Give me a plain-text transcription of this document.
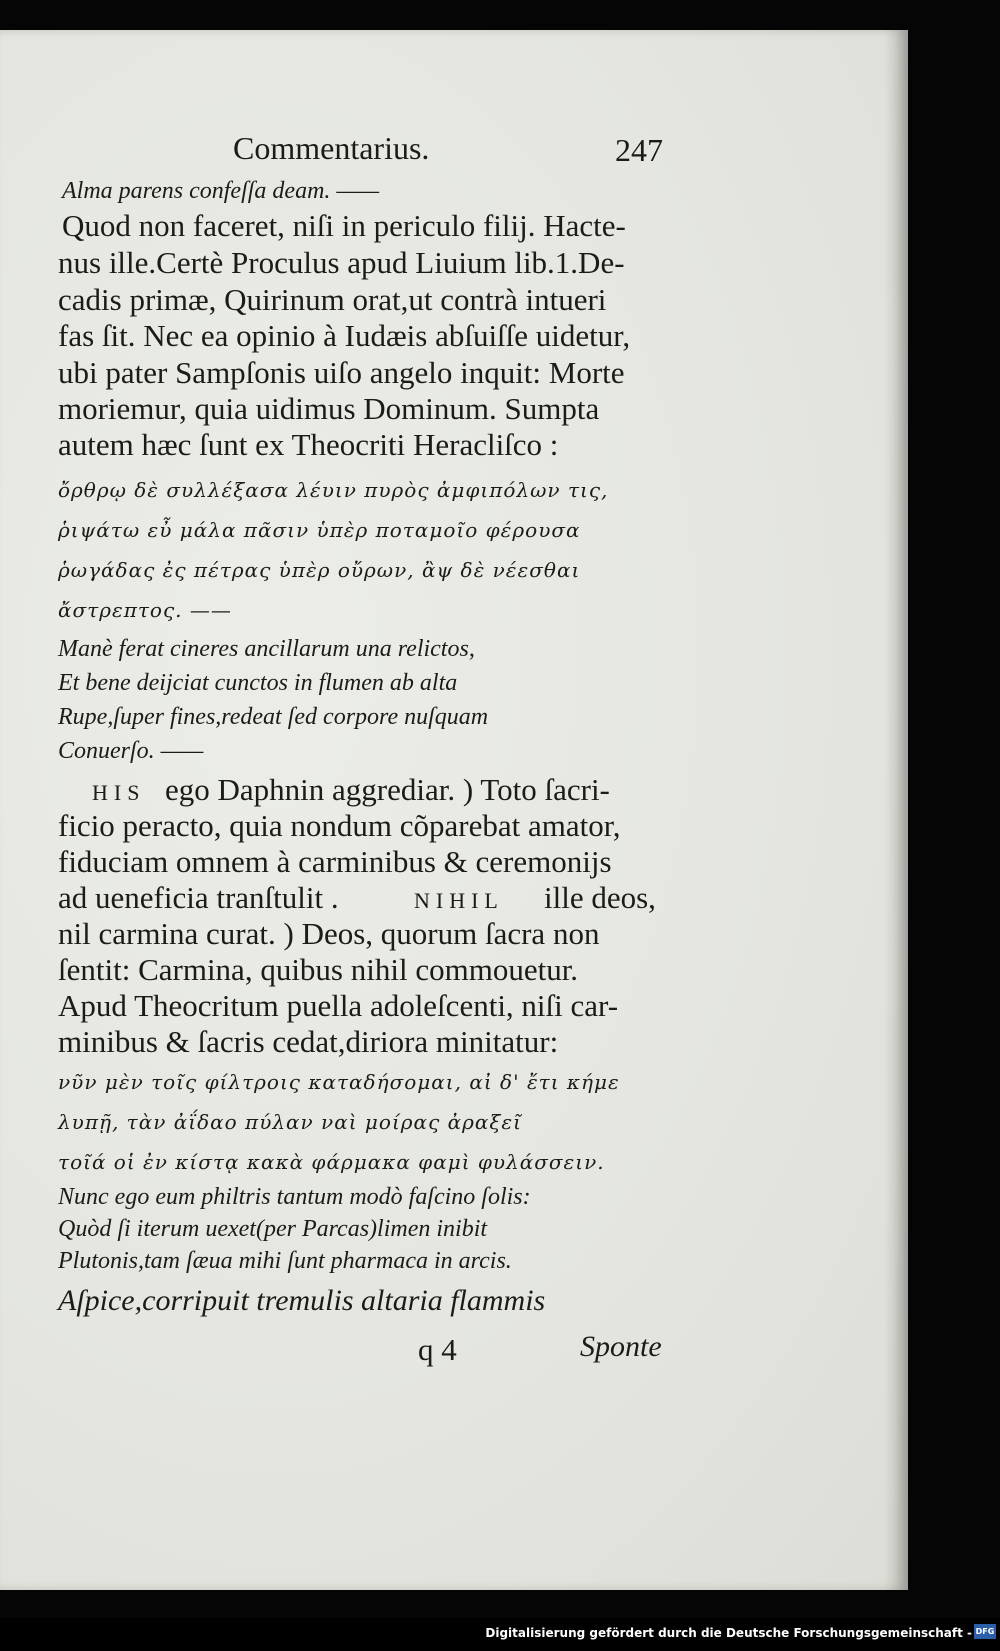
Commentarius.	247
Alma parens confeſſa deam. ——
Quod non faceret, niſi in periculo filij. Hacte-
nus ille.Certè Proculus apud Liuium lib.1.De-
cadis primæ, Quirinum orat,ut contrà intueri
fas ſit. Nec ea opinio à Iudæis abſuiſſe uidetur,
ubi pater Sampſonis uiſo angelo inquit: Morte
moriemur, quia uidimus Dominum. Sumpta
autem hæc ſunt ex Theocriti Heracliſco :
ὄρθρῳ δὲ συλλέξασα λέυιν πυρὸς ἀμφιπόλων τις,
ῥιψάτω εὖ μάλα πᾶσιν ὑπὲρ ποταμοῖο φέρουσα
ῥωγάδας ἐς πέτρας ὑπὲρ οὔρων, ἂψ δὲ νέεσθαι
ἄστρεπτος. ——
Manè ferat cineres ancillarum una relictos,
Et bene deijciat cunctos in flumen ab alta
Rupe,ſuper fines,redeat ſed corpore nuſquam
Conuerſo. ——
HIS ego Daphnin aggrediar. ) Toto ſacri-
ficio peracto, quia nondum cõparebat amator,
fiduciam omnem à carminibus & ceremonijs
ad ueneficia tranſtulit .	NIHIL ille deos,
nil carmina curat. ) Deos, quorum ſacra non
ſentit: Carmina, quibus nihil commouetur.
Apud Theocritum puella adoleſcenti, niſi car-
minibus & ſacris cedat,diriora minitatur:
νῦν μὲν τοῖς φίλτροις καταδήσομαι, αἰ δ' ἔτι κήμε
λυπῇ, τὰν ἀΐδαο πύλαν ναὶ μοίρας ἀραξεῖ
τοῖά οἱ ἐν κίστᾳ κακὰ φάρμακα φαμὶ φυλάσσειν.
Nunc ego eum philtris tantum modò faſcino ſolis:
Quòd ſi iterum uexet(per Parcas)limen inibit
Plutonis,tam ſæua mihi ſunt pharmaca in arcis.
Aſpice,corripuit tremulis altaria flammis
q 4	Sponte
Digitalisierung gefördert durch die Deutsche Forschungsgemeinschaft - DFG
